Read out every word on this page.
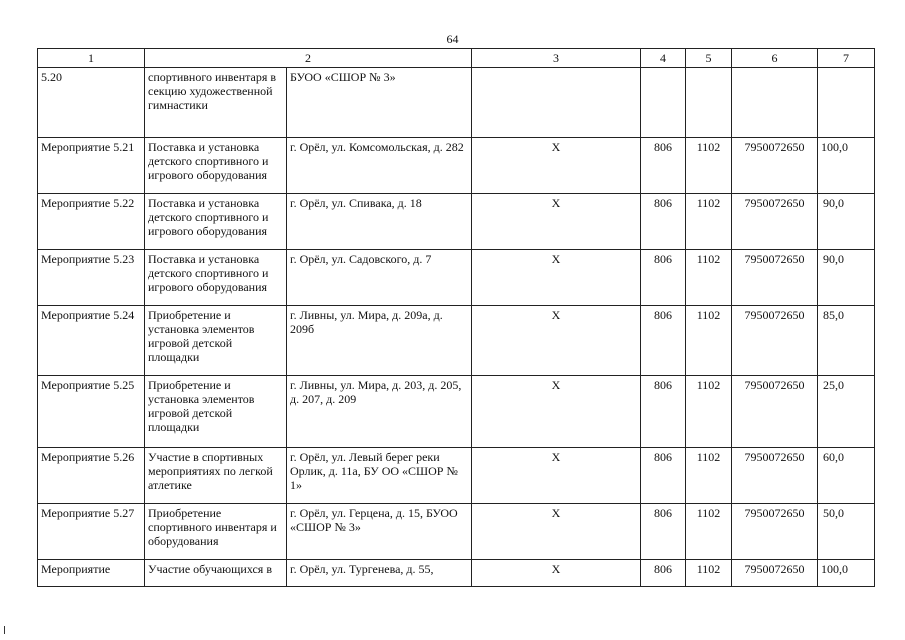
64
1	2		3	4	5	6	7
5.20	спортивного инвентаря в секцию художественной гимнастики	БУОО «СШОР № 3»					
Мероприятие 5.21	Поставка и установка детского спортивного и игрового оборудования	г. Орёл, ул. Комсомольская, д. 282	X	806	1102	7950072650	100,0
Мероприятие 5.22	Поставка и установка детского спортивного и игрового оборудования	г. Орёл, ул. Спивака, д. 18	X	806	1102	7950072650	90,0
Мероприятие 5.23	Поставка и установка детского спортивного и игрового оборудования	г. Орёл, ул. Садовского, д. 7	X	806	1102	7950072650	90,0
Мероприятие 5.24	Приобретение и установка элементов игровой детской площадки	г. Ливны, ул. Мира, д. 209а, д. 209б	X	806	1102	7950072650	85,0
Мероприятие 5.25	Приобретение и установка элементов игровой детской площадки	г. Ливны, ул. Мира, д. 203, д. 205, д. 207, д. 209	X	806	1102	7950072650	25,0
Мероприятие 5.26	Участие в спортивных мероприятиях по легкой атлетике	г. Орёл, ул. Левый берег реки Орлик, д. 11а, БУ ОО «СШОР № 1»	X	806	1102	7950072650	60,0
Мероприятие 5.27	Приобретение спортивного инвентаря и оборудования	г. Орёл, ул. Герцена, д. 15, БУОО «СШОР № 3»	X	806	1102	7950072650	50,0
Мероприятие	Участие обучающихся в	г. Орёл, ул. Тургенева, д. 55,	X	806	1102	7950072650	100,0
